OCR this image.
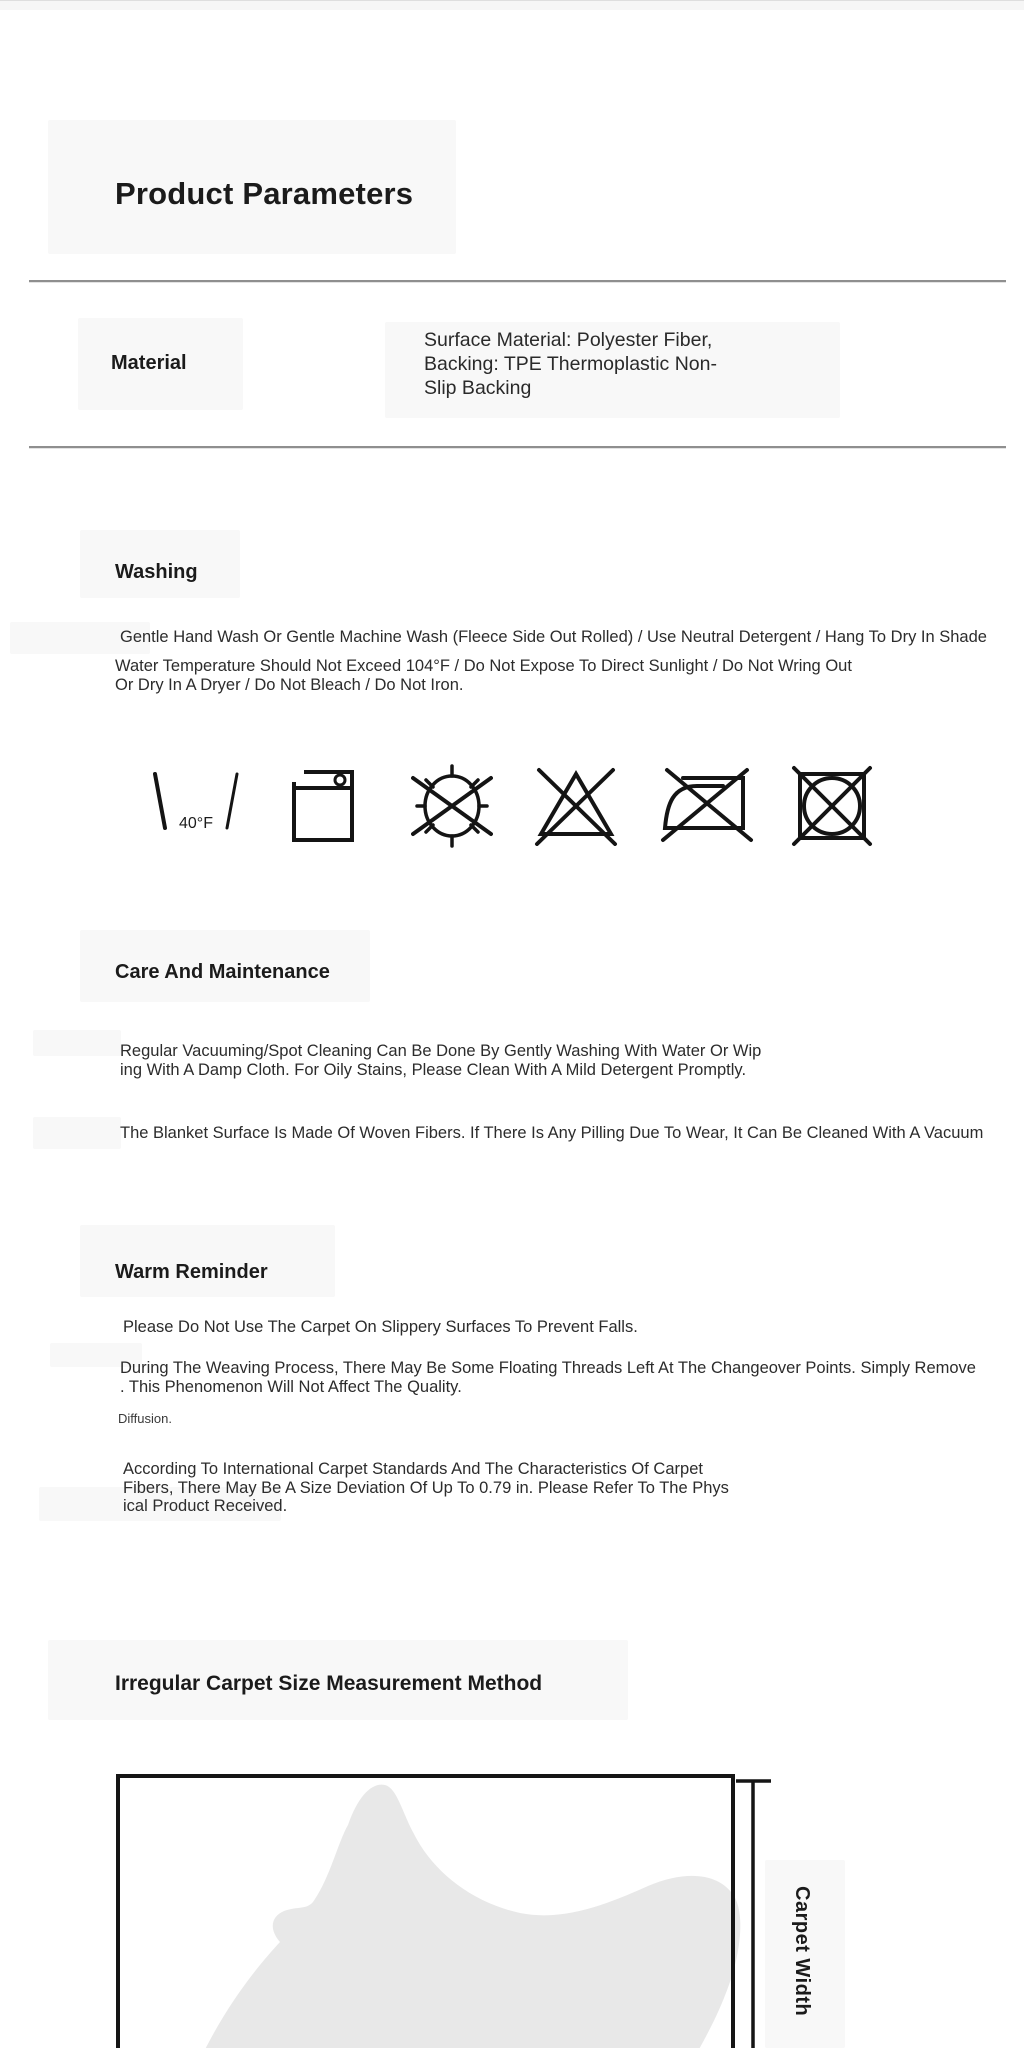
Product Parameters
Material
Surface Material: Polyester Fiber,
Backing: TPE Thermoplastic Non-
Slip Backing
Washing
Gentle Hand Wash Or Gentle Machine Wash (Fleece Side Out Rolled) / Use Neutral Detergent / Hang To Dry In Shade
Water Temperature Should Not Exceed 104°F / Do Not Expose To Direct Sunlight / Do Not Wring Out
Or Dry In A Dryer / Do Not Bleach / Do Not Iron.
40°F
Care And Maintenance
Regular Vacuuming/Spot Cleaning Can Be Done By Gently Washing With Water Or Wip
ing With A Damp Cloth. For Oily Stains, Please Clean With A Mild Detergent Promptly.
The Blanket Surface Is Made Of Woven Fibers. If There Is Any Pilling Due To Wear, It Can Be Cleaned With A Vacuum
Warm Reminder
Please Do Not Use The Carpet On Slippery Surfaces To Prevent Falls.
During The Weaving Process, There May Be Some Floating Threads Left At The Changeover Points. Simply Remove
. This Phenomenon Will Not Affect The Quality.
Diffusion.
According To International Carpet Standards And The Characteristics Of Carpet
Fibers, There May Be A Size Deviation Of Up To 0.79 in. Please Refer To The Phys
ical Product Received.
Irregular Carpet Size Measurement Method
Carpet Width
